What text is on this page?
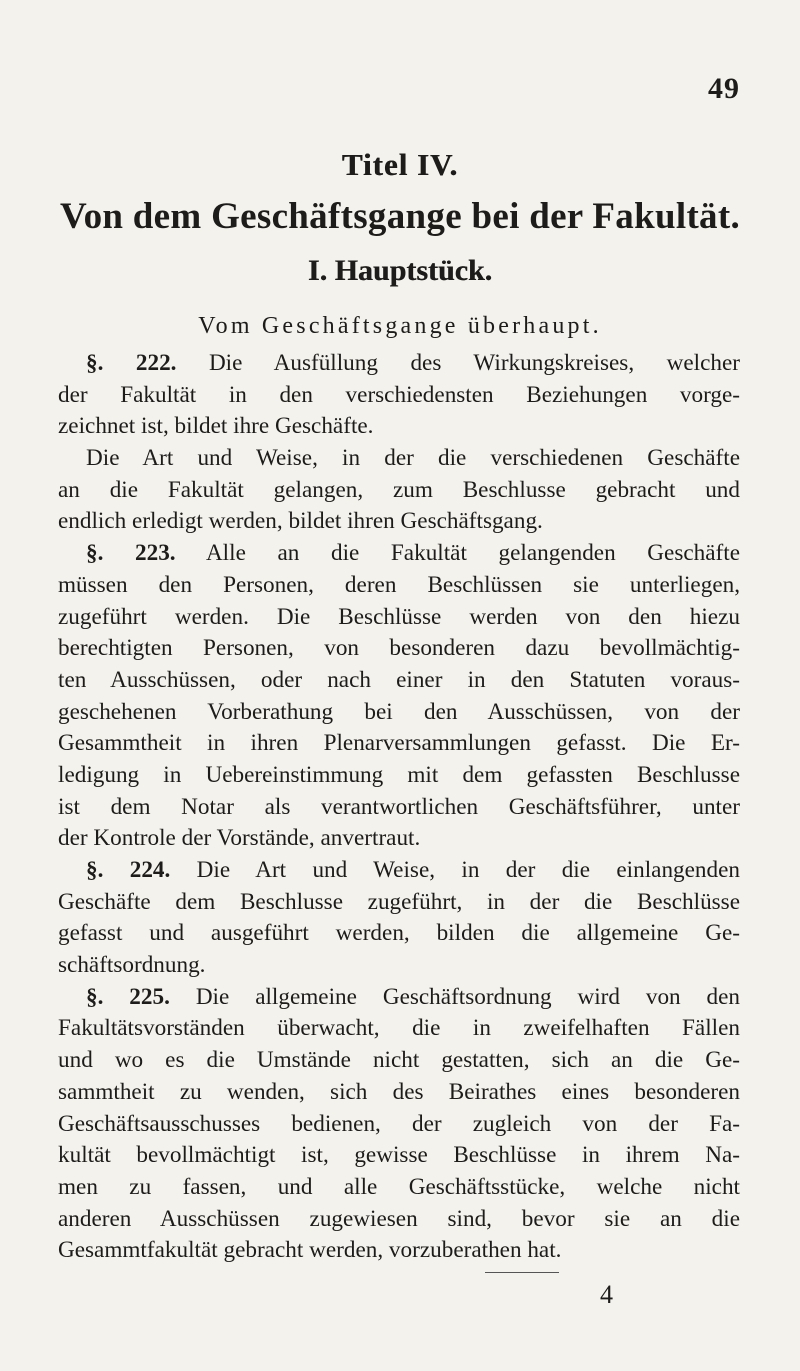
49
Titel IV.
Von dem Geschäftsgange bei der Fakultät.
I. Hauptstück.
Vom Geschäftsgange überhaupt.
§. 222. Die Ausfüllung des Wirkungskreises, welcher
der Fakultät in den verschiedensten Beziehungen vorge-
zeichnet ist, bildet ihre Geschäfte.
Die Art und Weise, in der die verschiedenen Geschäfte
an die Fakultät gelangen, zum Beschlusse gebracht und
endlich erledigt werden, bildet ihren Geschäftsgang.
§. 223. Alle an die Fakultät gelangenden Geschäfte
müssen den Personen, deren Beschlüssen sie unterliegen,
zugeführt werden. Die Beschlüsse werden von den hiezu
berechtigten Personen, von besonderen dazu bevollmächtig-
ten Ausschüssen, oder nach einer in den Statuten voraus-
geschehenen Vorberathung bei den Ausschüssen, von der
Gesammtheit in ihren Plenarversammlungen gefasst. Die Er-
ledigung in Uebereinstimmung mit dem gefassten Beschlusse
ist dem Notar als verantwortlichen Geschäftsführer, unter
der Kontrole der Vorstände, anvertraut.
§. 224. Die Art und Weise, in der die einlangenden
Geschäfte dem Beschlusse zugeführt, in der die Beschlüsse
gefasst und ausgeführt werden, bilden die allgemeine Ge-
schäftsordnung.
§. 225. Die allgemeine Geschäftsordnung wird von den
Fakultätsvorständen überwacht, die in zweifelhaften Fällen
und wo es die Umstände nicht gestatten, sich an die Ge-
sammtheit zu wenden, sich des Beirathes eines besonderen
Geschäftsausschusses bedienen, der zugleich von der Fa-
kultät bevollmächtigt ist, gewisse Beschlüsse in ihrem Na-
men zu fassen, und alle Geschäftsstücke, welche nicht
anderen Ausschüssen zugewiesen sind, bevor sie an die
Gesammtfakultät gebracht werden, vorzuberathen hat.
4
